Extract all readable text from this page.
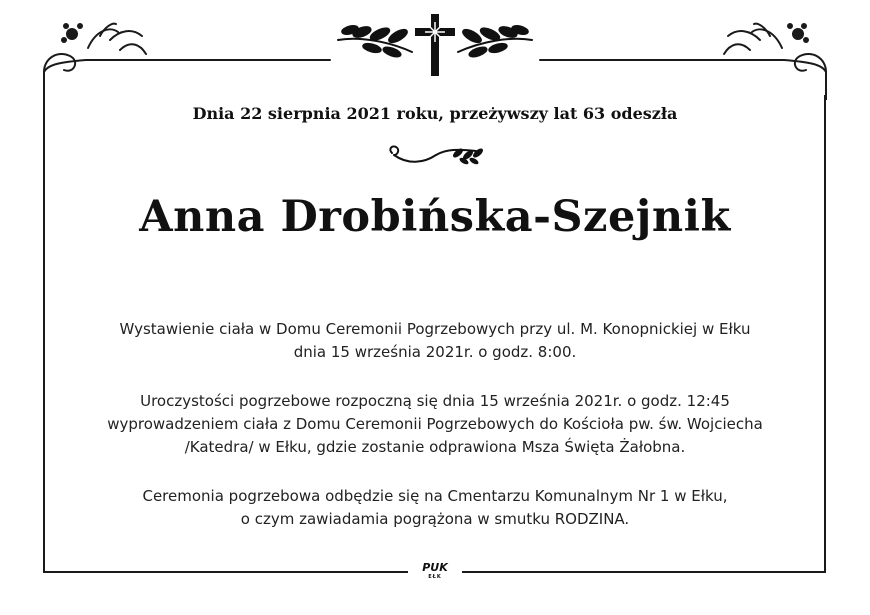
Dnia 22 sierpnia 2021 roku, przeżywszy lat 63 odeszła
Anna Drobińska-Szejnik

Wystawienie ciała w Domu Ceremonii Pogrzebowych przy ul. M. Konopnickiej w Ełku
dnia 15 września 2021r. o godz. 8:00.

Uroczystości pogrzebowe rozpoczną się dnia 15 września 2021r. o godz. 12:45
wyprowadzeniem ciała z Domu Ceremonii Pogrzebowych do Kościoła pw. św. Wojciecha
/Katedra/ w Ełku, gdzie zostanie odprawiona Msza Święta Żałobna.

Ceremonia pogrzebowa odbędzie się na Cmentarzu Komunalnym Nr 1 w Ełku,
o czym zawiadamia pogrążona w smutku RODZINA.

PUK
EŁK
